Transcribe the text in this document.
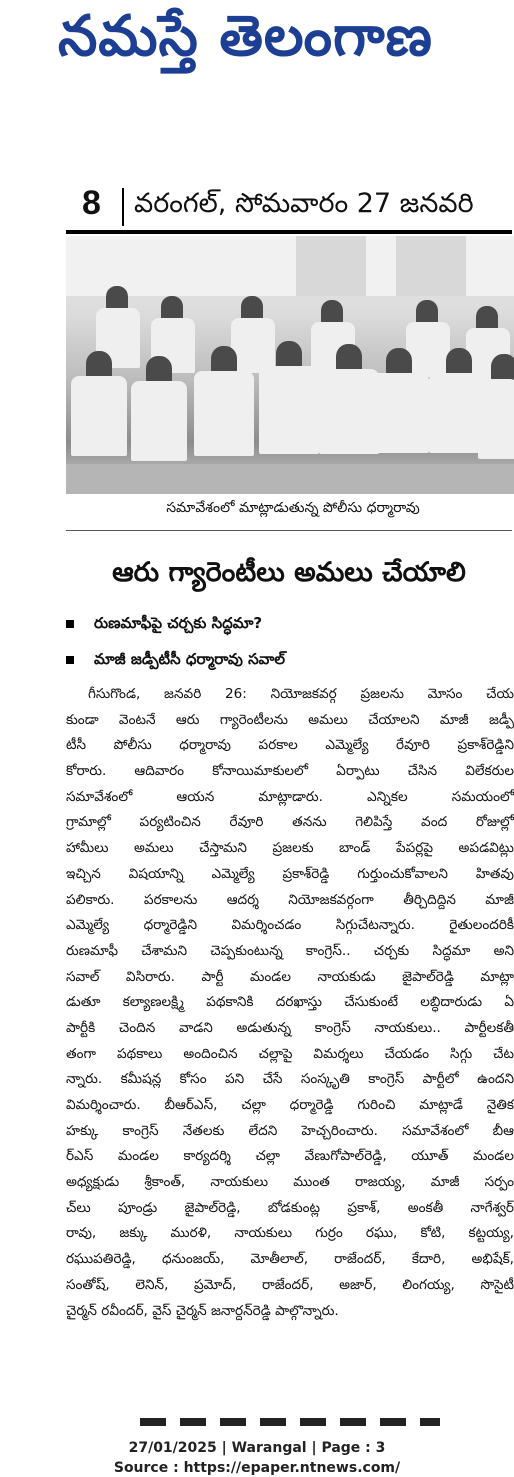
నమస్తే తెలంగాణ
8 వరంగల్, సోమవారం 27 జనవరి
సమావేశంలో మాట్లాడుతున్న పోలీసు ధర్మారావు
ఆరు గ్యారెంటీలు అమలు చేయాలి
రుణమాఫీపై చర్చకు సిద్ధమా?
మాజీ జడ్పీటీసీ ధర్మారావు సవాల్
గీసుగొండ, జనవరి 26: నియోజకవర్గ ప్రజలను మోసం చేయ
కుండా వెంటనే ఆరు గ్యారెంటీలను అమలు చేయాలని మాజీ జడ్పీ
టీసీ పోలీసు ధర్మారావు పరకాల ఎమ్మెల్యే రేవూరి ప్రకాశ్‌రెడ్డిని
కోరారు. ఆదివారం కోనాయిమాకులలో ఏర్పాటు చేసిన విలేకరుల
సమావేశంలో ఆయన మాట్లాడారు. ఎన్నికల సమయంలో
గ్రామాల్లో పర్యటించిన రేవూరి తనను గెలిపిస్తే వంద రోజుల్లో
హామీలు అమలు చేస్తామని ప్రజలకు బాండ్ పేపర్లపై అపడవిట్లు
ఇచ్చిన విషయాన్ని ఎమ్మెల్యే ప్రకాశ్‌రెడ్డి గుర్తుంచుకోవాలని హితవు
పలికారు. పరకాలను ఆదర్శ నియోజకవర్గంగా తీర్చిదిద్దిన మాజీ
ఎమ్మెల్యే ధర్మారెడ్డిని విమర్శించడం సిగ్గుచేటన్నారు. రైతులందరికీ
రుణమాఫీ చేశామని చెప్పకుంటున్న కాంగ్రెస్.. చర్చకు సిద్ధమా అని
సవాల్ విసిరారు. పార్టీ మండల నాయకుడు జైపాల్‌రెడ్డి మాట్లా
డుతూ కల్యాణలక్ష్మి పథకానికి దరఖాస్తు చేసుకుంటే లబ్ధిదారుడు ఏ
పార్టీకి చెందిన వాడని అడుతున్న కాంగ్రెస్ నాయకులు.. పార్టీలకతీ
తంగా పథకాలు అందించిన చల్లాపై విమర్శలు చేయడం సిగ్గు చేట
న్నారు. కమీషన్ల కోసం పని చేసే సంస్కృతి కాంగ్రెస్ పార్టీలో ఉందని
విమర్శించారు. బీఆర్ఎస్, చల్లా ధర్మారెడ్డి గురించి మాట్లాడే నైతిక
హక్కు కాంగ్రెస్ నేతలకు లేదని హెచ్చరించారు. సమావేశంలో బీఆ
ర్ఎస్ మండల కార్యదర్శి చల్లా వేణుగోపాల్‌రెడ్డి, యూత్ మండల
అధ్యక్షుడు శ్రీకాంత్, నాయకులు ముంత రాజయ్య, మాజీ సర్పం
చ్‌లు పూండ్రు జైపాల్‌రెడ్డి, బోడకుంట్ల ప్రకాశ్, అంకతీ నాగేశ్వర్
రావు, జక్కు మురళి, నాయకులు గుర్రం రఘు, కోటి, కట్టయ్య,
రఘుపతిరెడ్డి, ధనుంజయ్, మోతీలాల్, రాజేందర్, కేదారి, అభిషేక్,
సంతోష్, లెనిన్, ప్రమోద్, రాజేందర్, అజార్, లింగయ్య, సొసైటీ
చైర్మన్ రవీందర్, వైస్ చైర్మన్ జనార్దన్‌రెడ్డి పాల్గొన్నారు.
27/01/2025 | Warangal | Page : 3
Source : https://epaper.ntnews.com/
